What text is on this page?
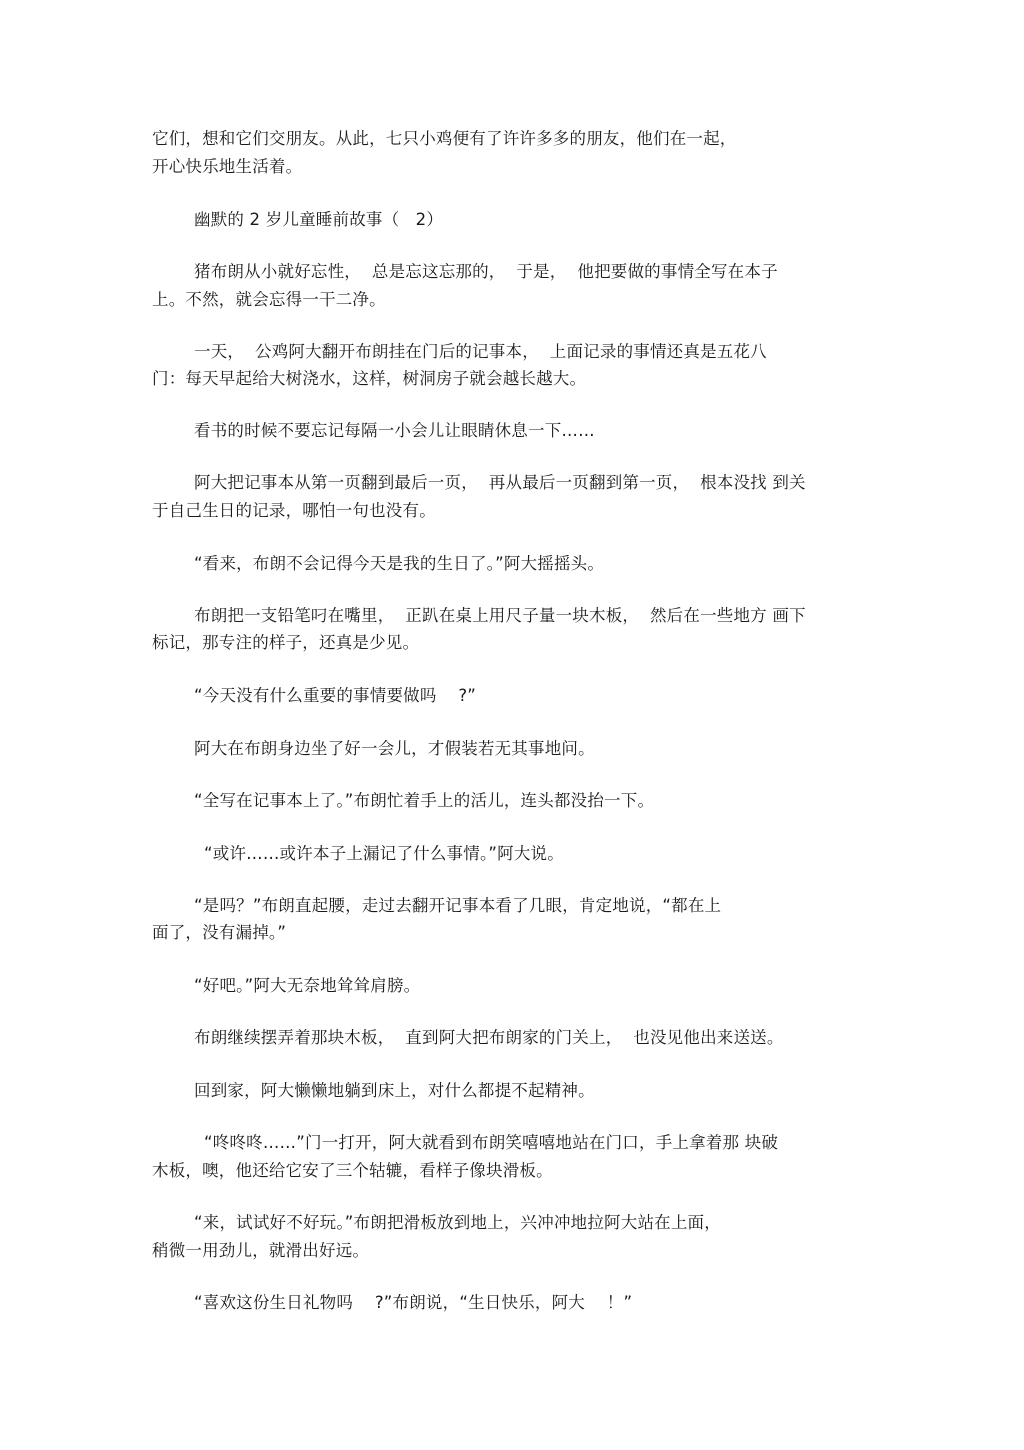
它们，想和它们交朋友。从此，七只小鸡便有了许许多多的朋友，他们在一起，
开心快乐地生活着。
幽默的 2 岁儿童睡前故事（   2）
猪布朗从小就好忘性，  总是忘这忘那的，  于是，  他把要做的事情全写在本子
上。不然，就会忘得一干二净。
一天，  公鸡阿大翻开布朗挂在门后的记事本，  上面记录的事情还真是五花八
门：每天早起给大树浇水，这样，树洞房子就会越长越大。
看书的时候不要忘记每隔一小会儿让眼睛休息一下……
阿大把记事本从第一页翻到最后一页，  再从最后一页翻到第一页，  根本没找 到关
于自己生日的记录，哪怕一句也没有。
“看来，布朗不会记得今天是我的生日了。”阿大摇摇头。
布朗把一支铅笔叼在嘴里，  正趴在桌上用尺子量一块木板，  然后在一些地方 画下
标记，那专注的样子，还真是少见。
“今天没有什么重要的事情要做吗    ?”
阿大在布朗身边坐了好一会儿，才假装若无其事地问。
“全写在记事本上了。”布朗忙着手上的活儿，连头都没抬一下。
“或许……或许本子上漏记了什么事情。”阿大说。
“是吗？”布朗直起腰，走过去翻开记事本看了几眼，肯定地说，“都在上
面了，没有漏掉。”
“好吧。”阿大无奈地耸耸肩膀。
布朗继续摆弄着那块木板，  直到阿大把布朗家的门关上，  也没见他出来送送。
回到家，阿大懒懒地躺到床上，对什么都提不起精神。
“咚咚咚……”门一打开，阿大就看到布朗笑嘻嘻地站在门口，手上拿着那 块破
木板，噢，他还给它安了三个轱辘，看样子像块滑板。
“来，试试好不好玩。”布朗把滑板放到地上，兴冲冲地拉阿大站在上面，
稍微一用劲儿，就滑出好远。
“喜欢这份生日礼物吗    ?”布朗说，“生日快乐，阿大    ！”
